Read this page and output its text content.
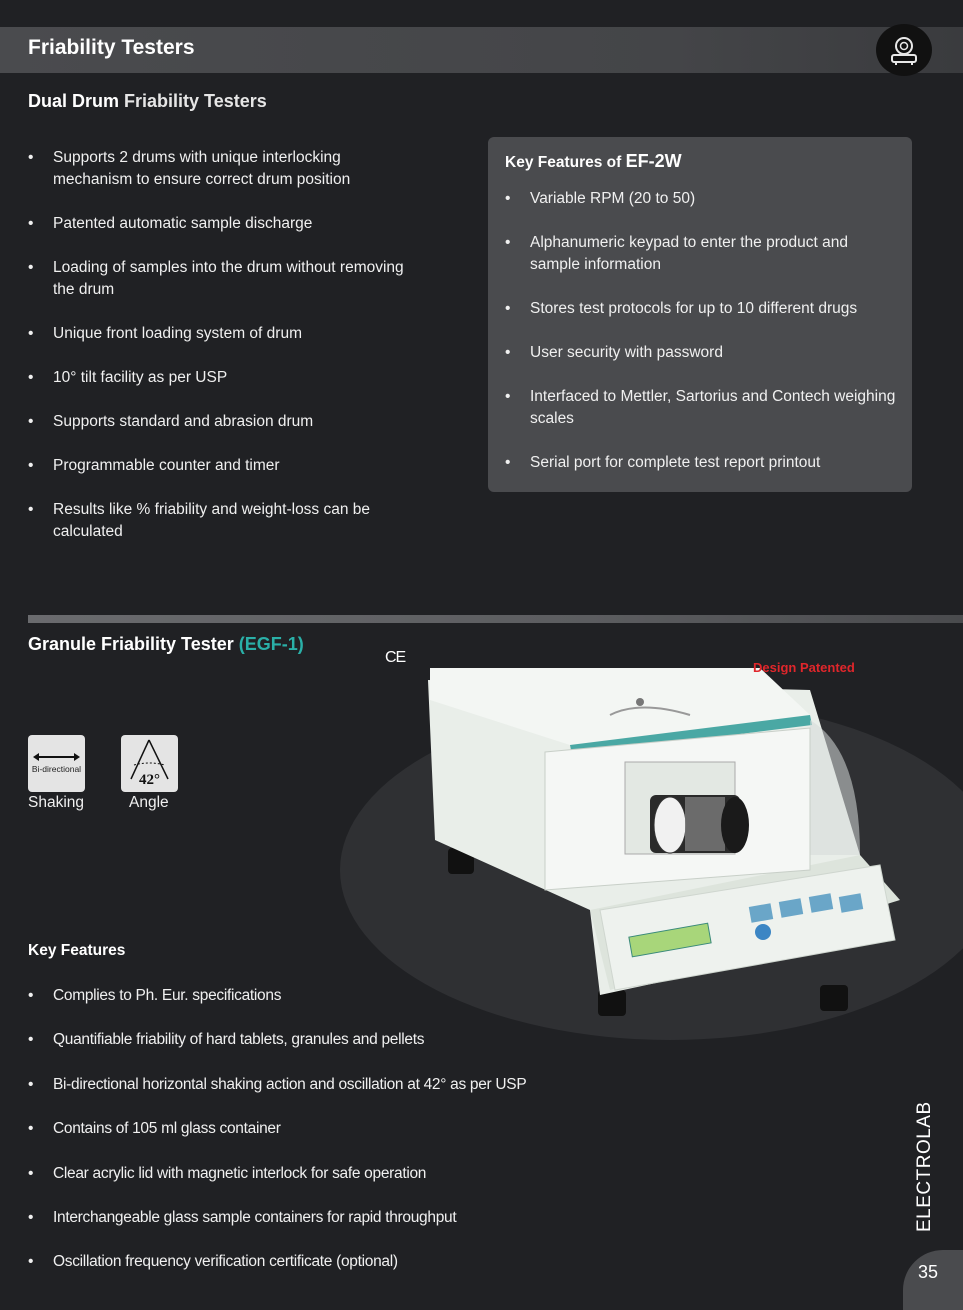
Friability Testers
Dual Drum Friability Testers
• Supports 2 drums with unique interlocking mechanism to ensure correct drum position
• Patented automatic sample discharge
• Loading of samples into the drum without removing the drum
• Unique front loading system of drum
• 10° tilt facility as per USP
• Supports standard and abrasion drum
• Programmable counter and timer
• Results like % friability and weight-loss can be calculated
Key Features of EF-2W
• Variable RPM (20 to 50)
• Alphanumeric keypad to enter the product and sample information
• Stores test protocols for up to 10 different drugs
• User security with password
• Interfaced to Mettler, Sartorius and Contech weighing scales
• Serial port for complete test report printout
Granule Friability Tester (EGF-1)
CE
Design Patented
Bi-directional
42°
Shaking	Angle
Key Features
• Complies to Ph. Eur. specifications
• Quantifiable friability of hard tablets, granules and pellets
• Bi-directional horizontal shaking action and oscillation at 42° as per USP
• Contains of 105 ml glass container
• Clear acrylic lid with magnetic interlock for safe operation
• Interchangeable glass sample containers for rapid throughput
• Oscillation frequency verification certificate (optional)
ELECTROLAB
35
